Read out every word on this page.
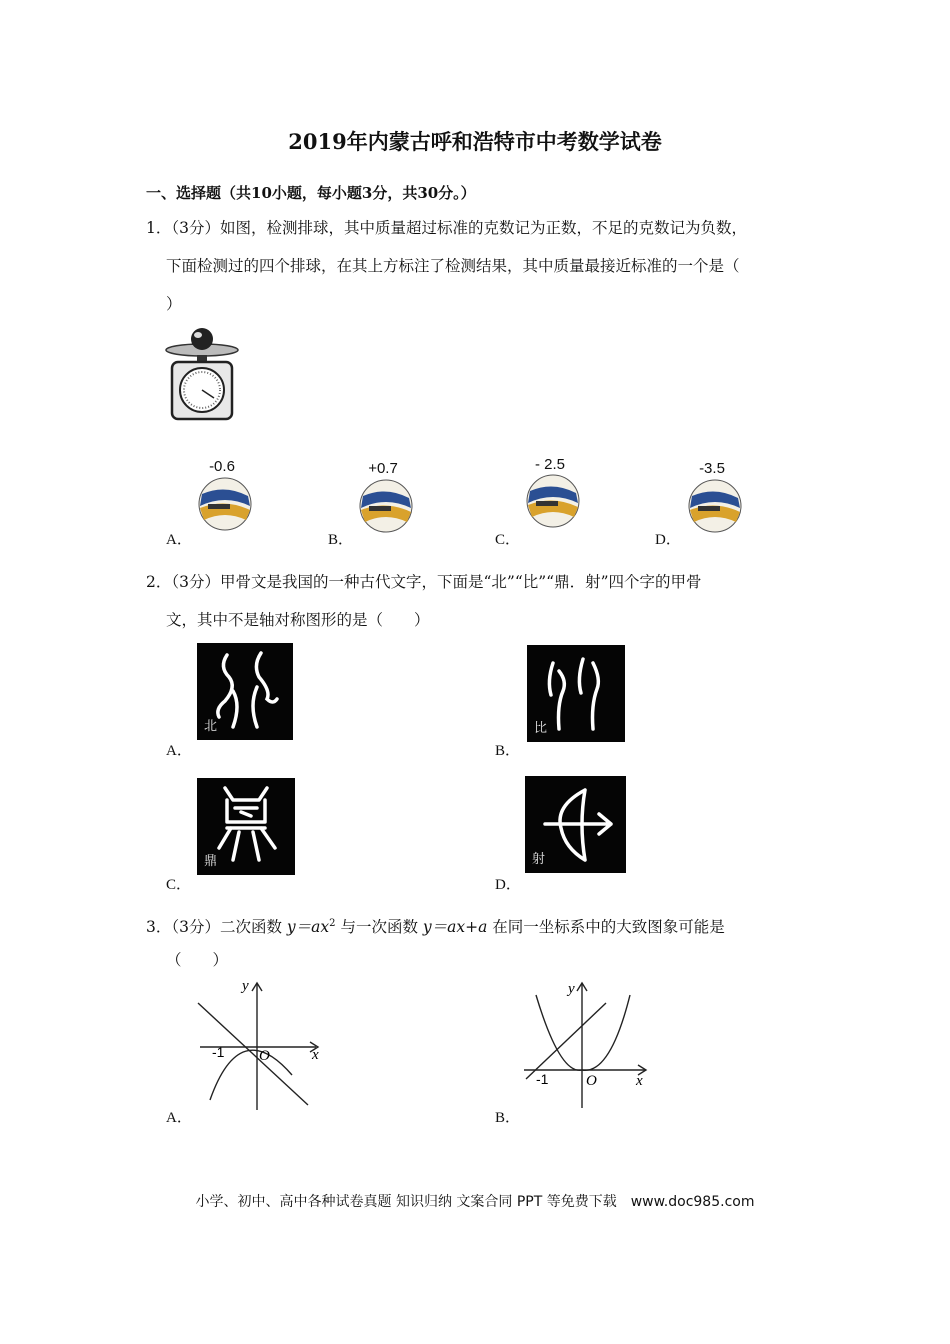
2019年内蒙古呼和浩特市中考数学试卷
一、选择题（共10小题，每小题3分，共30分。）
1．（3分）如图，检测排球，其中质量超过标准的克数记为正数，不足的克数记为负数，
下面检测过的四个排球，在其上方标注了检测结果，其中质量最接近标准的一个是（
）
-0.6	+0.7	- 2.5	-3.5
A．	B．	C．	D．
2．（3分）甲骨文是我国的一种古代文字，下面是“北”“比”“鼎．射”四个字的甲骨
文，其中不是轴对称图形的是（　　）
北	比
A．	B．
鼎	射
C．	D．
3．（3分）二次函数 $y=ax^2$ 与一次函数 y＝ax+a 在同一坐标系中的大致图象可能是
（　　）
-1 O	x
y
-1	O	x
y
A．	B．
小学、初中、高中各种试卷真题 知识归纳 文案合同 PPT 等免费下载　www.doc985.com
